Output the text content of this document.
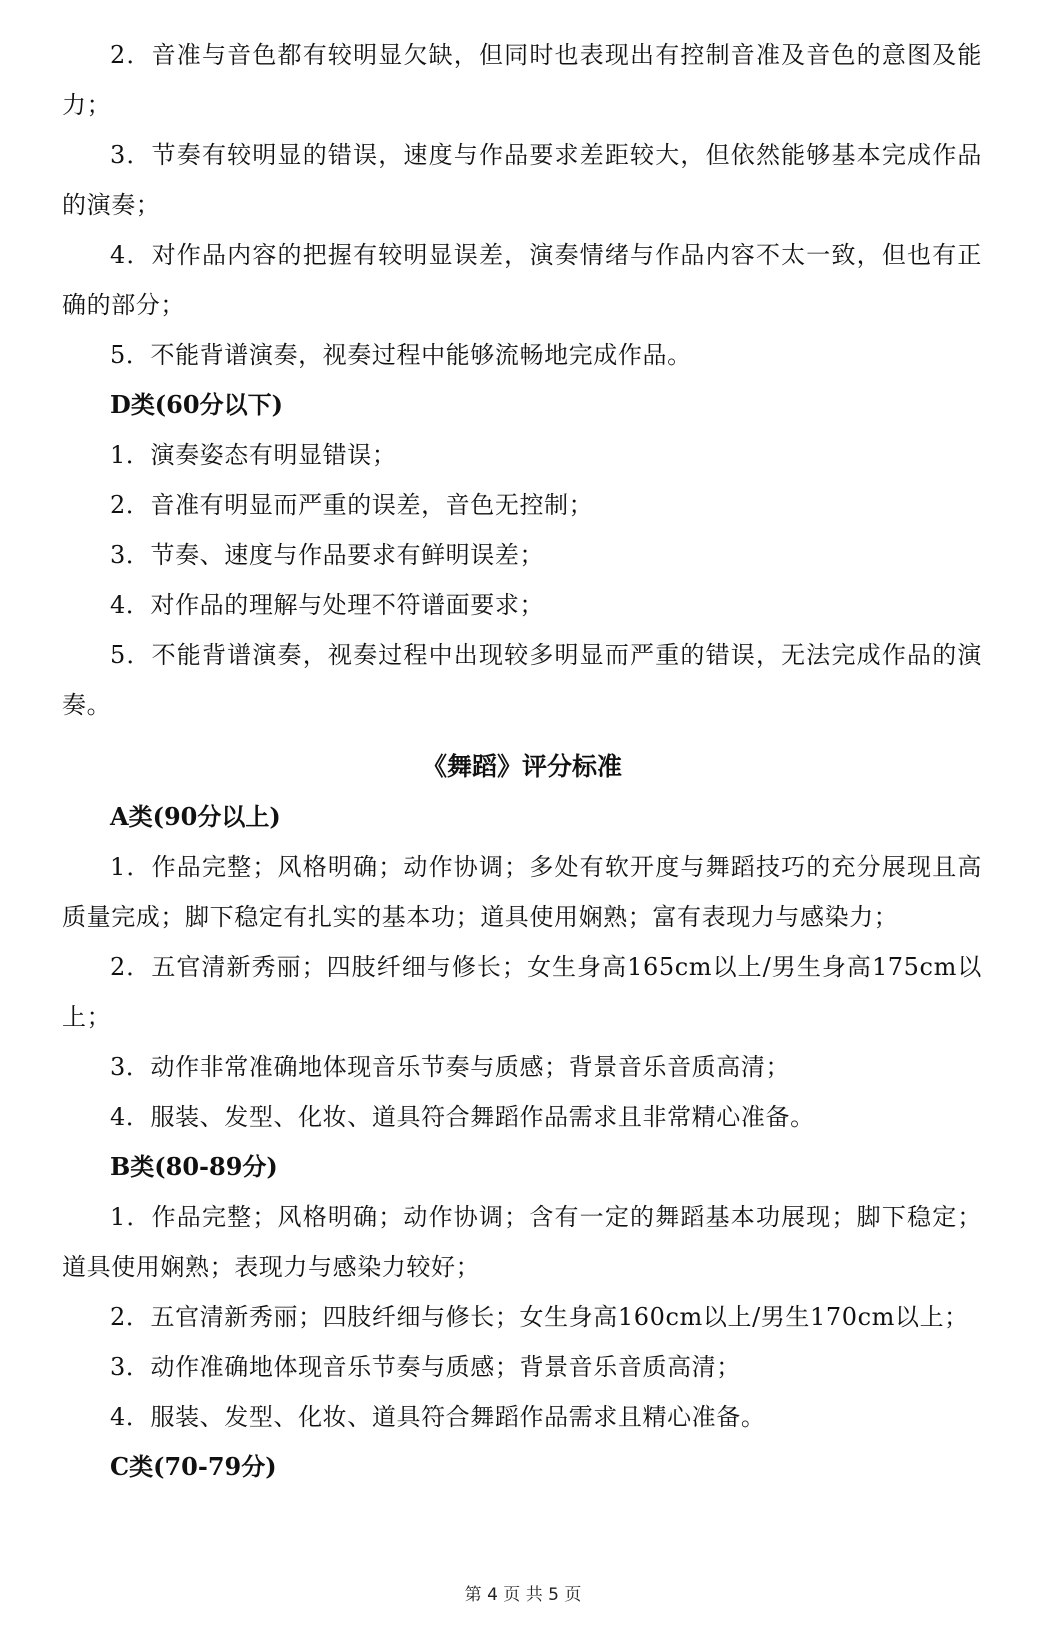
2．音准与音色都有较明显欠缺，但同时也表现出有控制音准及音色的意图及能力；

3．节奏有较明显的错误，速度与作品要求差距较大，但依然能够基本完成作品的演奏；

4．对作品内容的把握有较明显误差，演奏情绪与作品内容不太一致，但也有正确的部分；

5．不能背谱演奏，视奏过程中能够流畅地完成作品。

D类(60分以下)

1．演奏姿态有明显错误；

2．音准有明显而严重的误差，音色无控制；

3．节奏、速度与作品要求有鲜明误差；

4．对作品的理解与处理不符谱面要求；

5．不能背谱演奏，视奏过程中出现较多明显而严重的错误，无法完成作品的演奏。

《舞蹈》评分标准

A类(90分以上)

1．作品完整；风格明确；动作协调；多处有软开度与舞蹈技巧的充分展现且高质量完成；脚下稳定有扎实的基本功；道具使用娴熟；富有表现力与感染力；

2．五官清新秀丽；四肢纤细与修长；女生身高165cm以上/男生身高175cm以上；

3．动作非常准确地体现音乐节奏与质感；背景音乐音质高清；

4．服装、发型、化妆、道具符合舞蹈作品需求且非常精心准备。

B类(80-89分)

1．作品完整；风格明确；动作协调；含有一定的舞蹈基本功展现；脚下稳定；道具使用娴熟；表现力与感染力较好；

2．五官清新秀丽；四肢纤细与修长；女生身高160cm以上/男生170cm以上；

3．动作准确地体现音乐节奏与质感；背景音乐音质高清；

4．服装、发型、化妆、道具符合舞蹈作品需求且精心准备。

C类(70-79分)

第 4 页 共 5 页
